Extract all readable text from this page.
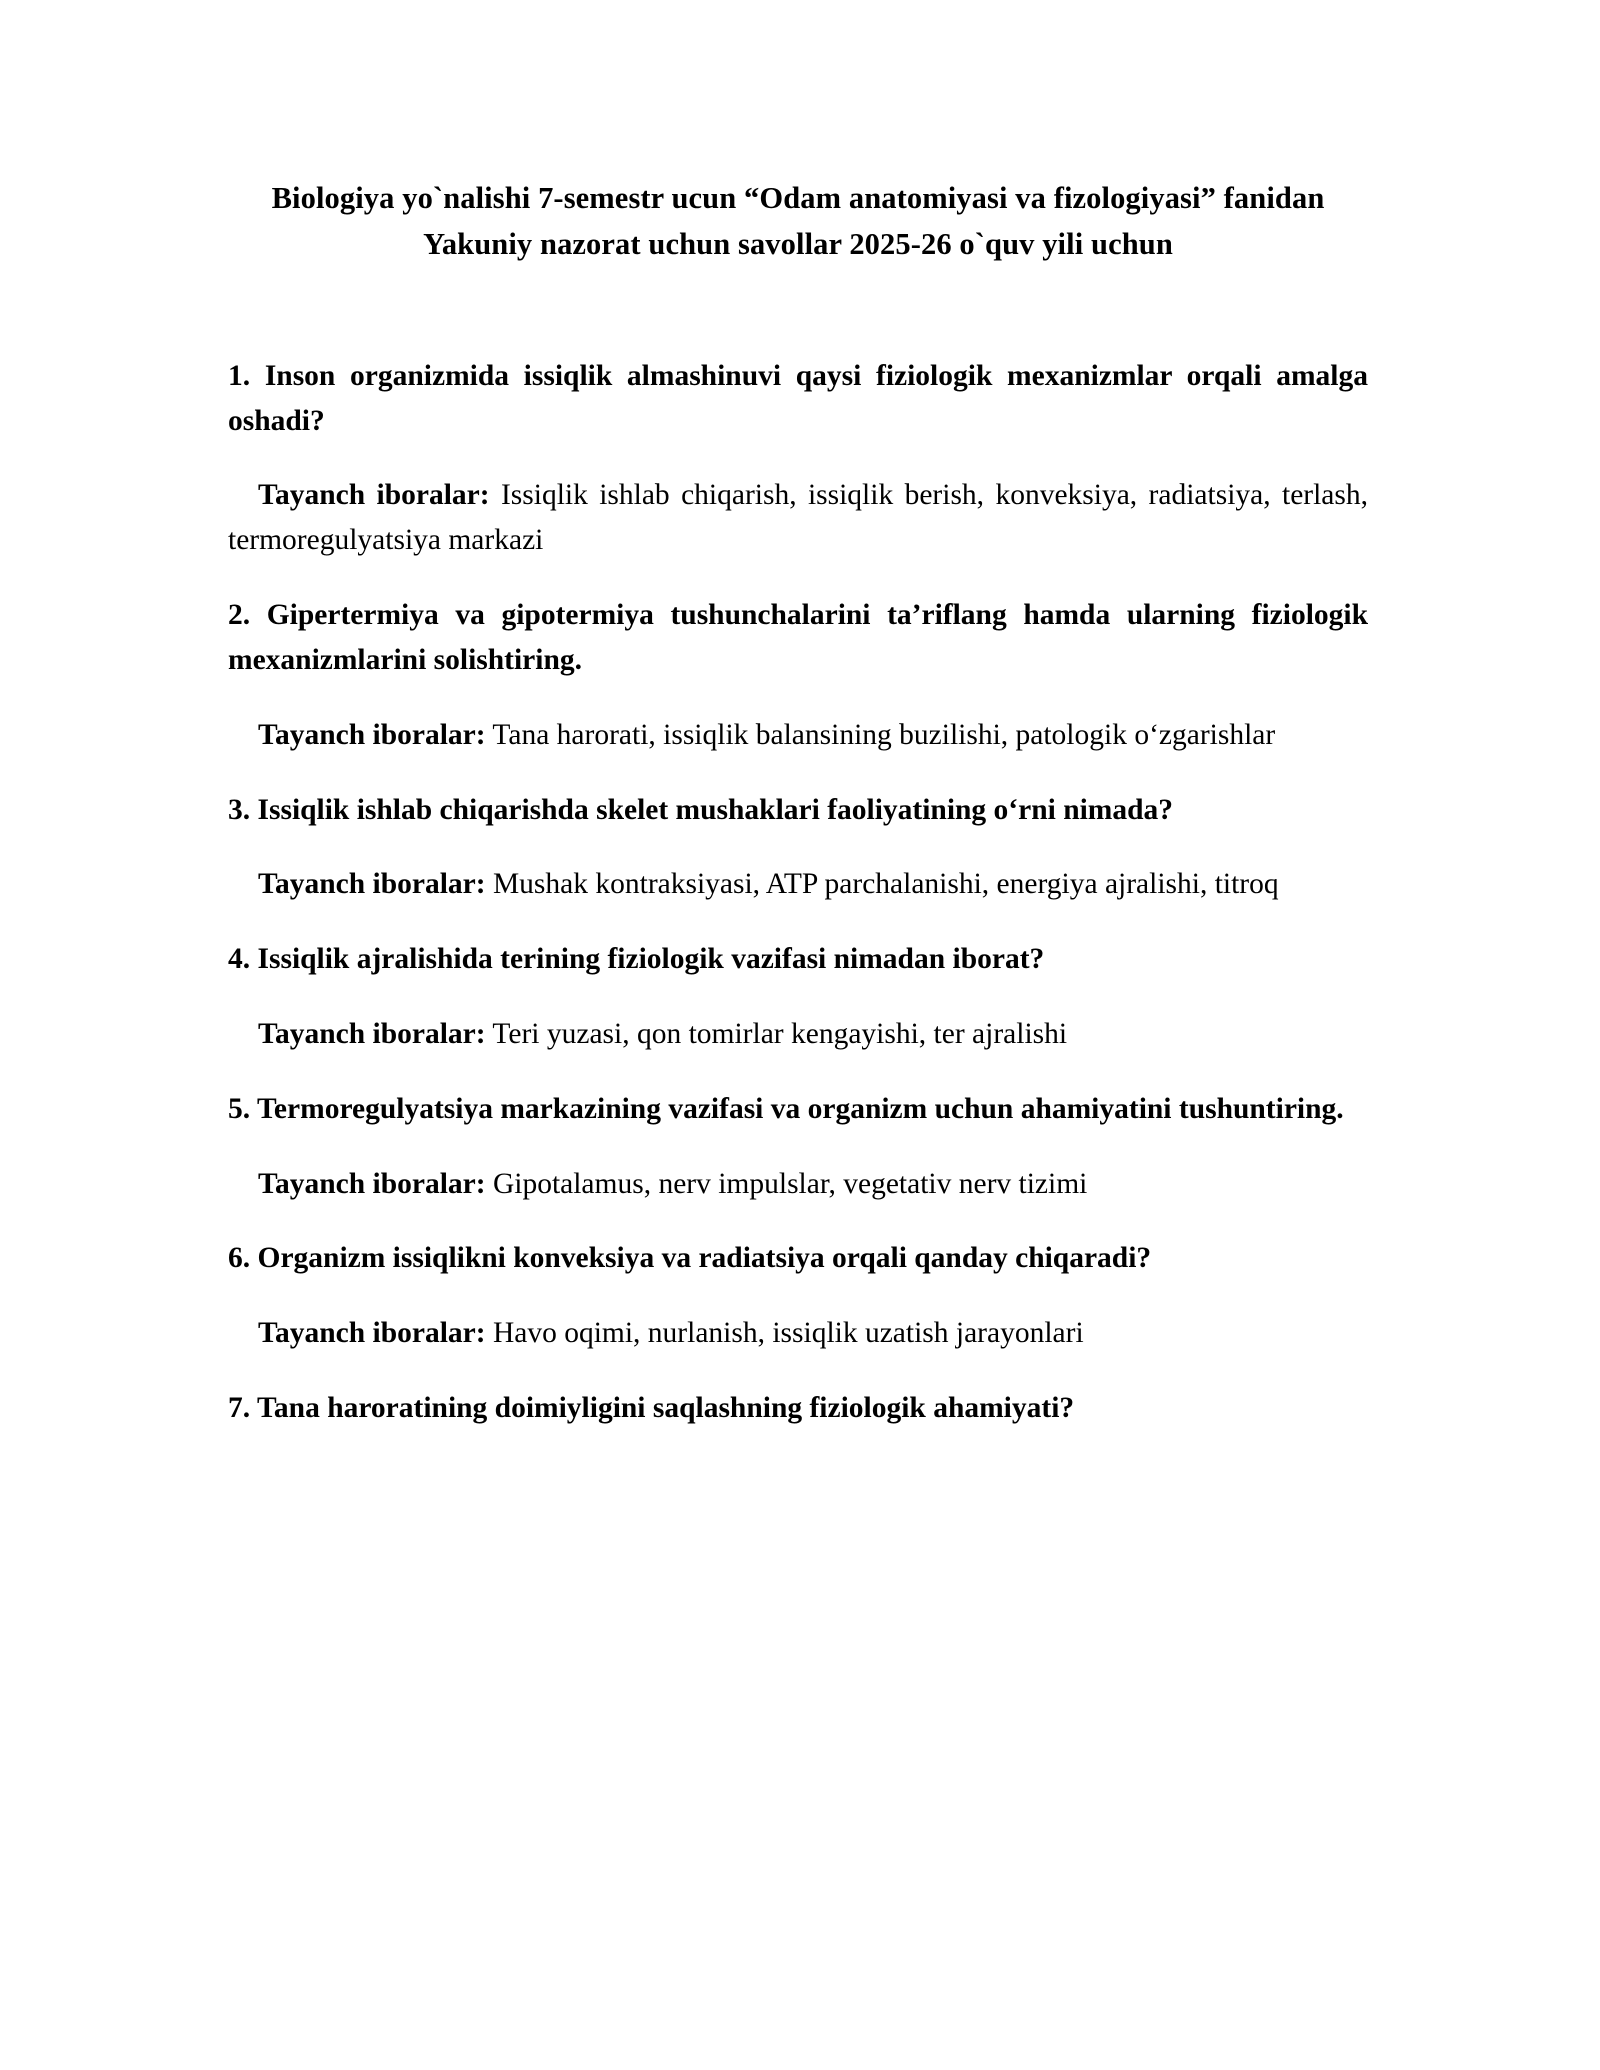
Biologiya yo`nalishi 7-semestr ucun “Odam anatomiyasi va fizologiyasi” fanidan Yakuniy nazorat uchun savollar 2025-26 o`quv yili uchun

1. Inson organizmida issiqlik almashinuvi qaysi fiziologik mexanizmlar orqali amalga oshadi?

Tayanch iboralar: Issiqlik ishlab chiqarish, issiqlik berish, konveksiya, radiatsiya, terlash, termoregulyatsiya markazi

2. Gipertermiya va gipotermiya tushunchalarini ta’riflang hamda ularning fiziologik mexanizmlarini solishtiring.

Tayanch iboralar: Tana harorati, issiqlik balansining buzilishi, patologik o‘zgarishlar

3. Issiqlik ishlab chiqarishda skelet mushaklari faoliyatining o‘rni nimada?

Tayanch iboralar: Mushak kontraksiyasi, ATP parchalanishi, energiya ajralishi, titroq

4. Issiqlik ajralishida terining fiziologik vazifasi nimadan iborat?

Tayanch iboralar: Teri yuzasi, qon tomirlar kengayishi, ter ajralishi

5. Termoregulyatsiya markazining vazifasi va organizm uchun ahamiyatini tushuntiring.

Tayanch iboralar: Gipotalamus, nerv impulslar, vegetativ nerv tizimi

6. Organizm issiqlikni konveksiya va radiatsiya orqali qanday chiqaradi?

Tayanch iboralar: Havo oqimi, nurlanish, issiqlik uzatish jarayonlari

7. Tana haroratining doimiyligini saqlashning fiziologik ahamiyati?
